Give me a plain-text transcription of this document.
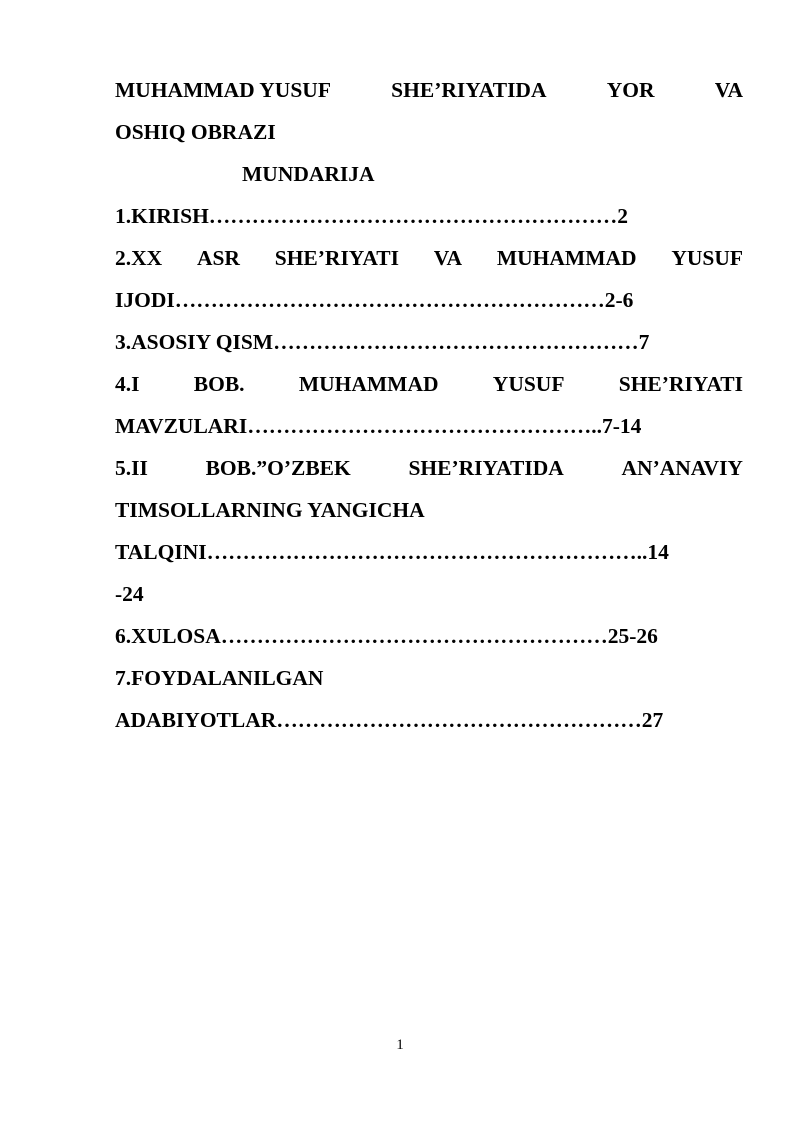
MUHAMMAD YUSUF	SHE’RIYATIDA	YOR	VA
OSHIQ OBRAZI
MUNDARIJA
1.KIRISH…………………………………………………2
2.XX ASR SHE’RIYATI VA MUHAMMAD YUSUF
IJODI……………………………………………………2-6
3.ASOSIY QISM……………………………………………7
4.I	BOB.	MUHAMMAD	YUSUF	SHE’RIYATI
MAVZULARI…………………………………………..7-14
5.II	BOB.”O’ZBEK	SHE’RIYATIDA	AN’ANAVIY
TIMSOLLARNING YANGICHA
TALQINI……………………………………………………..14
-24
6.XULOSA………………………………………………25-26
7.FOYDALANILGAN
ADABIYOTLAR……………………………………………27
1
